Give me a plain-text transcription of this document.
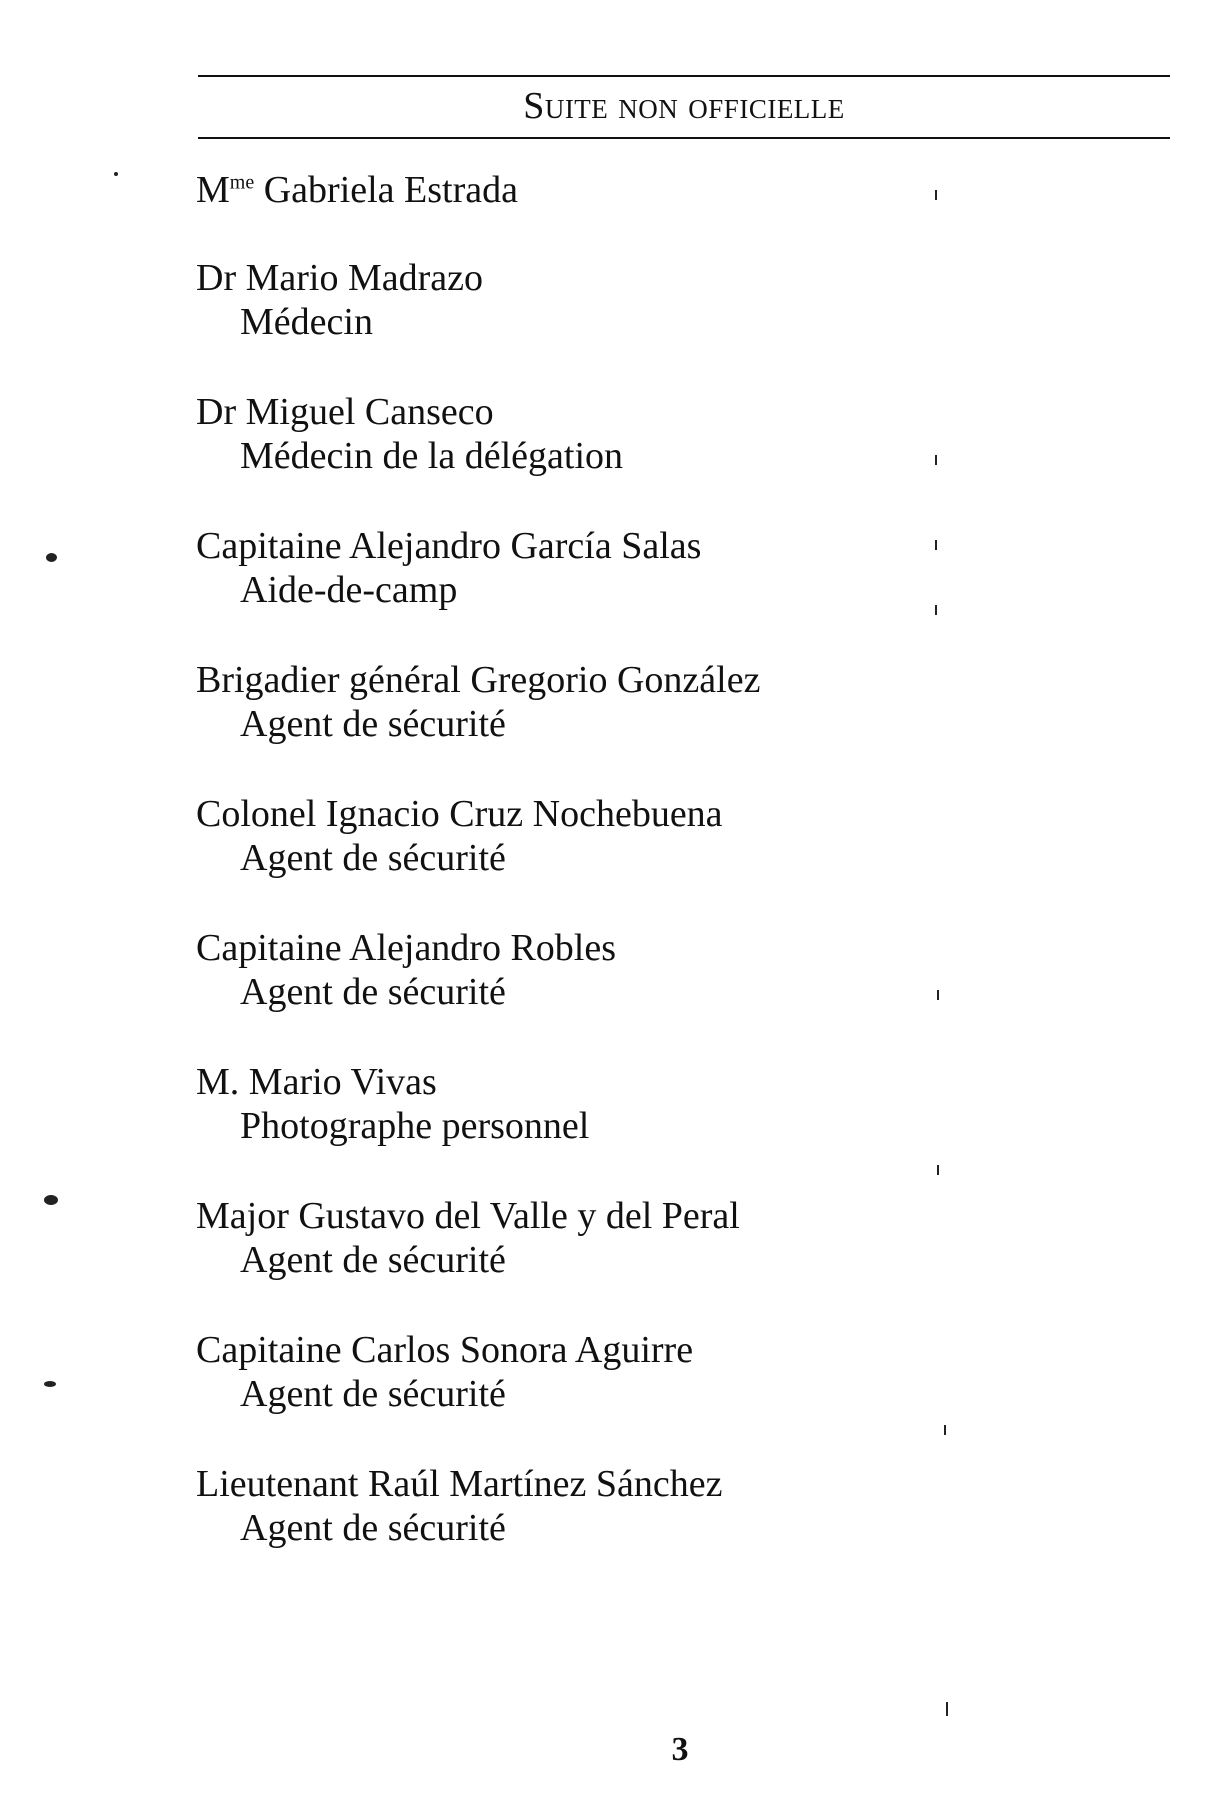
Suite non officielle
$M^{me}$ Gabriela Estrada
Dr Mario Madrazo
Médecin
Dr Miguel Canseco
Médecin de la délégation
Capitaine Alejandro García Salas
Aide-de-camp
Brigadier général Gregorio González
Agent de sécurité
Colonel Ignacio Cruz Nochebuena
Agent de sécurité
Capitaine Alejandro Robles
Agent de sécurité
M. Mario Vivas
Photographe personnel
Major Gustavo del Valle y del Peral
Agent de sécurité
Capitaine Carlos Sonora Aguirre
Agent de sécurité
Lieutenant Raúl Martínez Sánchez
Agent de sécurité
3
